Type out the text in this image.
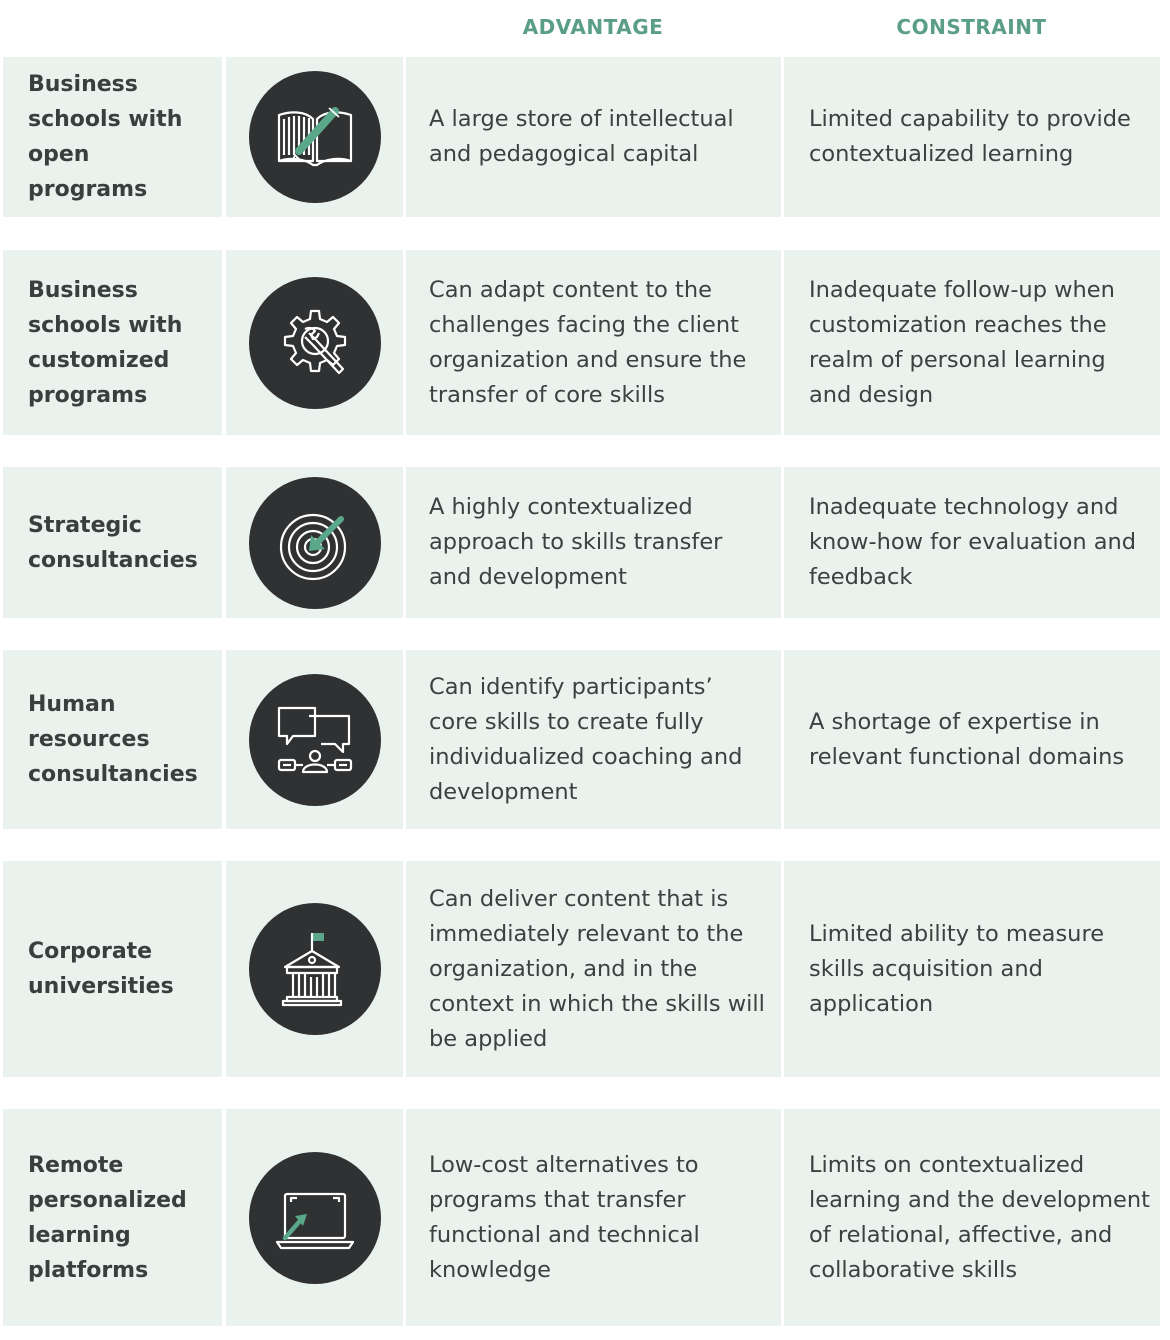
ADVANTAGE	CONSTRAINT
Business schools with open programs
A large store of intellectual and pedagogical capital
Limited capability to provide contextualized learning
Business schools with customized programs
Can adapt content to the challenges facing the client organization and ensure the transfer of core skills
Inadequate follow-up when customization reaches the realm of personal learning and design
Strategic consultancies
A highly contextualized approach to skills transfer and development
Inadequate technology and know-how for evaluation and feedback
Human resources consultancies
Can identify participants’ core skills to create fully individualized coaching and development
A shortage of expertise in relevant functional domains
Corporate universities
Can deliver content that is immediately relevant to the organization, and in the context in which the skills will be applied
Limited ability to measure skills acquisition and application
Remote personalized learning platforms
Low-cost alternatives to programs that transfer functional and technical knowledge
Limits on contextualized learning and the development of relational, affective, and collaborative skills
